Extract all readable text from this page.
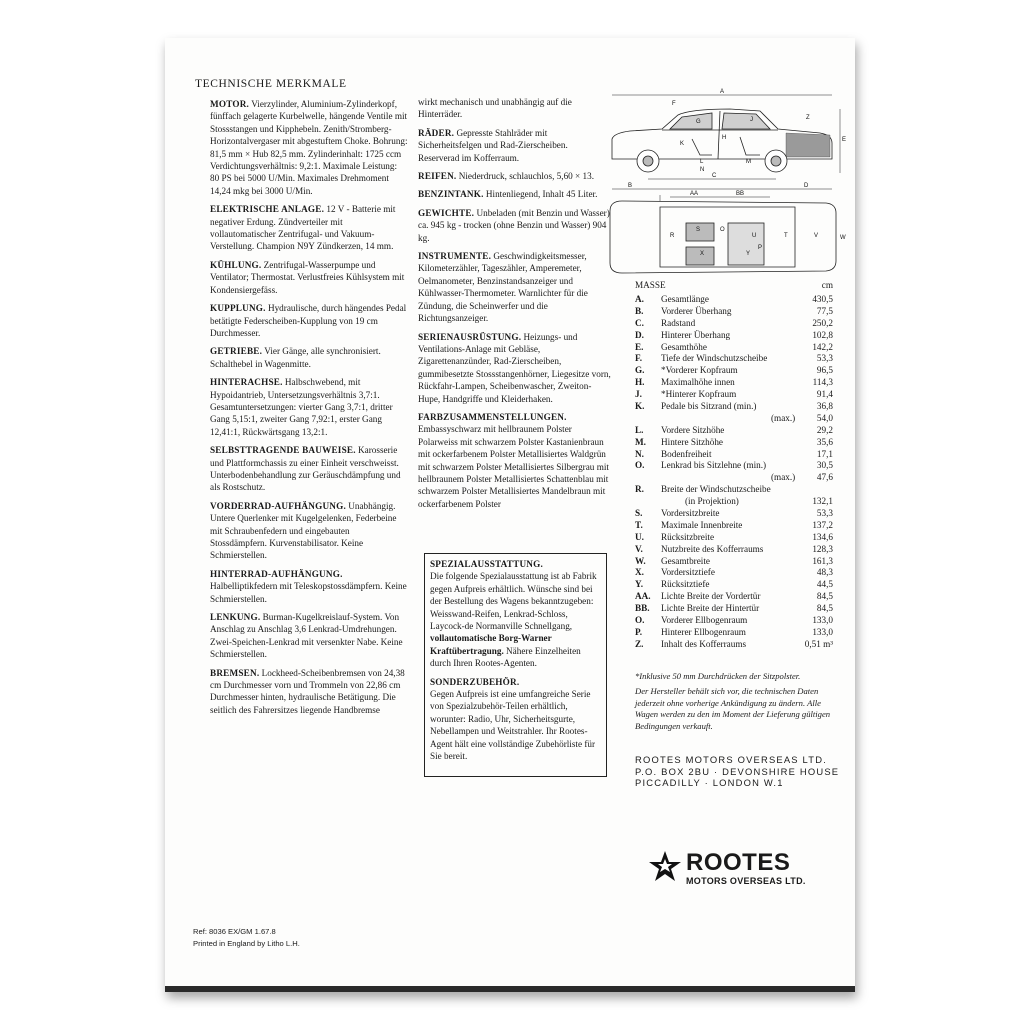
TECHNISCHE MERKMALE
MOTOR. Vierzylinder, Aluminium-Zylinderkopf, fünffach gelagerte Kurbelwelle, hängende Ventile mit Stossstangen und Kipphebeln. Zenith/Stromberg-Horizontalvergaser mit abgestuftem Choke. Bohrung: 81,5 mm × Hub 82,5 mm. Zylinderinhalt: 1725 ccm Verdichtungsverhältnis: 9,2:1. Maximale Leistung: 80 PS bei 5000 U/Min. Maximales Drehmoment 14,24 mkg bei 3000 U/Min.
ELEKTRISCHE ANLAGE. 12 V - Batterie mit negativer Erdung. Zündverteiler mit vollautomatischer Zentrifugal- und Vakuum-Verstellung. Champion N9Y Zündkerzen, 14 mm.
KÜHLUNG. Zentrifugal-Wasserpumpe und Ventilator; Thermostat. Verlustfreies Kühlsystem mit Kondensiergefäss.
KUPPLUNG. Hydraulische, durch hängendes Pedal betätigte Federscheiben-Kupplung von 19 cm Durchmesser.
GETRIEBE. Vier Gänge, alle synchronisiert. Schalthebel in Wagenmitte.
HINTERACHSE. Halbschwebend, mit Hypoidantrieb, Untersetzungsverhältnis 3,7:1. Gesamtuntersetzungen: vierter Gang 3,7:1, dritter Gang 5,15:1, zweiter Gang 7,92:1, erster Gang 12,41:1, Rückwärtsgang 13,2:1.
SELBSTTRAGENDE BAUWEISE. Karosserie und Plattformchassis zu einer Einheit verschweisst. Unterbodenbehandlung zur Geräuschdämpfung und als Rostschutz.
VORDERRAD-AUFHÄNGUNG. Unabhängig. Untere Querlenker mit Kugelgelenken, Federbeine mit Schraubenfedern und eingebauten Stossdämpfern. Kurvenstabilisator. Keine Schmierstellen.
HINTERRAD-AUFHÄNGUNG. Halbelliptikfedern mit Teleskopstossdämpfern. Keine Schmierstellen.
LENKUNG. Burman-Kugelkreislauf-System. Von Anschlag zu Anschlag 3,6 Lenkrad-Umdrehungen. Zwei-Speichen-Lenkrad mit versenkter Nabe. Keine Schmierstellen.
BREMSEN. Lockheed-Scheibenbremsen von 24,38 cm Durchmesser vorn und Trommeln von 22,86 cm Durchmesser hinten, hydraulische Betätigung. Die seitlich des Fahrersitzes liegende Handbremse
wirkt mechanisch und unabhängig auf die Hinterräder.
RÄDER. Gepresste Stahlräder mit Sicherheitsfelgen und Rad-Zierscheiben. Reserverad im Kofferraum.
REIFEN. Niederdruck, schlauchlos, 5,60 × 13.
BENZINTANK. Hintenliegend, Inhalt 45 Liter.
GEWICHTE. Unbeladen (mit Benzin und Wasser) ca. 945 kg - trocken (ohne Benzin und Wasser) 904 kg.
INSTRUMENTE. Geschwindigkeitsmesser, Kilometerzähler, Tageszähler, Amperemeter, Oelmanometer, Benzinstandsanzeiger und Kühlwasser-Thermometer. Warnlichter für die Zündung, die Scheinwerfer und die Richtungsanzeiger.
SERIENAUSRÜSTUNG. Heizungs- und Ventilations-Anlage mit Gebläse, Zigarettenanzünder, Rad-Zierscheiben, gummibesetzte Stossstangenhörner, Liegesitze vorn, Rückfahr-Lampen, Scheibenwascher, Zweiton-Hupe, Handgriffe und Kleiderhaken.
FARBZUSAMMENSTELLUNGEN. Embassyschwarz mit hellbraunem Polster Polarweiss mit schwarzem Polster Kastanienbraun mit ockerfarbenem Polster Metallisiertes Waldgrün mit schwarzem Polster Metallisiertes Silbergrau mit hellbraunem Polster Metallisiertes Schattenblau mit schwarzem Polster Metallisiertes Mandelbraun mit ockerfarbenem Polster
SPEZIALAUSSTATTUNG.
Die folgende Spezialausstattung ist ab Fabrik gegen Aufpreis erhältlich. Wünsche sind bei der Bestellung des Wagens bekanntzugeben: Weisswand-Reifen, Lenkrad-Schloss, Laycock-de Normanville Schnellgang, vollautomatische Borg-Warner Kraftübertragung. Nähere Einzelheiten durch Ihren Rootes-Agenten.
SONDERZUBEHÖR.
Gegen Aufpreis ist eine umfangreiche Serie von Spezialzubehör-Teilen erhältlich, worunter: Radio, Uhr, Sicherheitsgurte, Nebellampen und Weitstrahler. Ihr Rootes-Agent hält eine vollständige Zubehörliste für Sie bereit.
A
B
C
D
E
F
G
H
J
K
L	M
N
Z
AA	BB
R
S
T
U	V	W
X	Y
O
P
MASSE	cm
A.	Gesamtlänge	430,5
B.	Vorderer Überhang	77,5
C.	Radstand	250,2
D.	Hinterer Überhang	102,8
E.	Gesamthöhe	142,2
F.	Tiefe der Windschutzscheibe	53,3
G.	*Vorderer Kopfraum	96,5
H.	Maximalhöhe innen	114,3
J.	*Hinterer Kopfraum	91,4
K.	Pedale bis Sitzrand (min.)	36,8
(max.)	54,0
L.	Vordere Sitzhöhe	29,2
M.	Hintere Sitzhöhe	35,6
N.	Bodenfreiheit	17,1
O.	Lenkrad bis Sitzlehne (min.)	30,5
(max.)	47,6
R.	Breite der Windschutzscheibe
(in Projektion)	132,1
S.	Vordersitzbreite	53,3
T.	Maximale Innenbreite	137,2
U.	Rücksitzbreite	134,6
V.	Nutzbreite des Kofferraums	128,3
W.	Gesamtbreite	161,3
X.	Vordersitztiefe	48,3
Y.	Rücksitztiefe	44,5
AA.	Lichte Breite der Vordertür	84,5
BB.	Lichte Breite der Hintertür	84,5
O.	Vorderer Ellbogenraum	133,0
P.	Hinterer Ellbogenraum	133,0
Z.	Inhalt des Kofferraums	0,51 m³
*Inklusive 50 mm Durchdrücken der Sitzpolster.
Der Hersteller behält sich vor, die technischen Daten jederzeit ohne vorherige Ankündigung zu ändern. Alle Wagen werden zu den im Moment der Lieferung gültigen Bedingungen verkauft.
ROOTES MOTORS OVERSEAS LTD.
P.O. BOX 2BU · DEVONSHIRE HOUSE
PICCADILLY · LONDON W.1
ROOTES
MOTORS OVERSEAS LTD.
Ref: 8036 EX/GM 1.67.8
Printed in England by Litho L.H.
